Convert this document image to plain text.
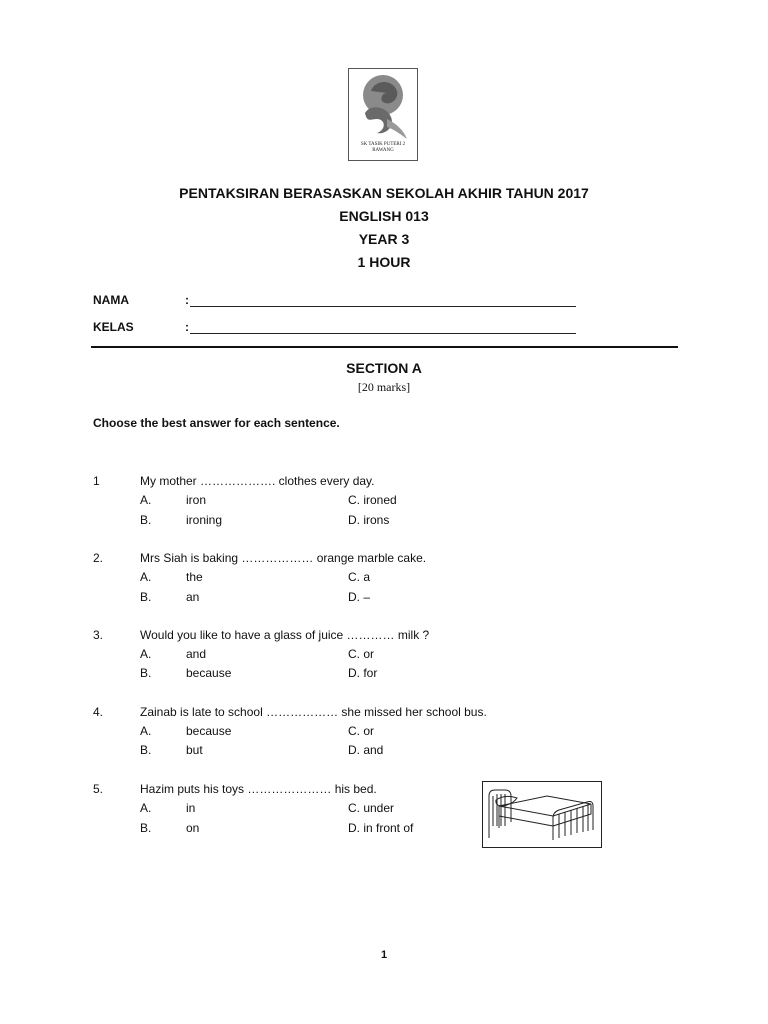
SK TASIK PUTERI 2
RAWANG
PENTAKSIRAN BERASASKAN SEKOLAH AKHIR TAHUN 2017
ENGLISH 013
YEAR 3
1 HOUR
NAMA	:
KELAS	:
SECTION A
[20 marks]
Choose the best answer for each sentence.
1	My mother ………………. clothes every day.
A.	iron	C. ironed
B.	ironing	D. irons
2.	Mrs Siah is baking ……………… orange marble cake.
A.	the	C. a
B.	an	D. –
3.	Would you like to have a glass of juice ………… milk ?
A.	and	C. or
B.	because	D. for
4.	Zainab is late to school ……………… she missed her school bus.
A.	because	C. or
B.	but	D. and
5.	Hazim puts his toys ………………… his bed.
A.	in	C. under
B.	on	D. in front of
1
